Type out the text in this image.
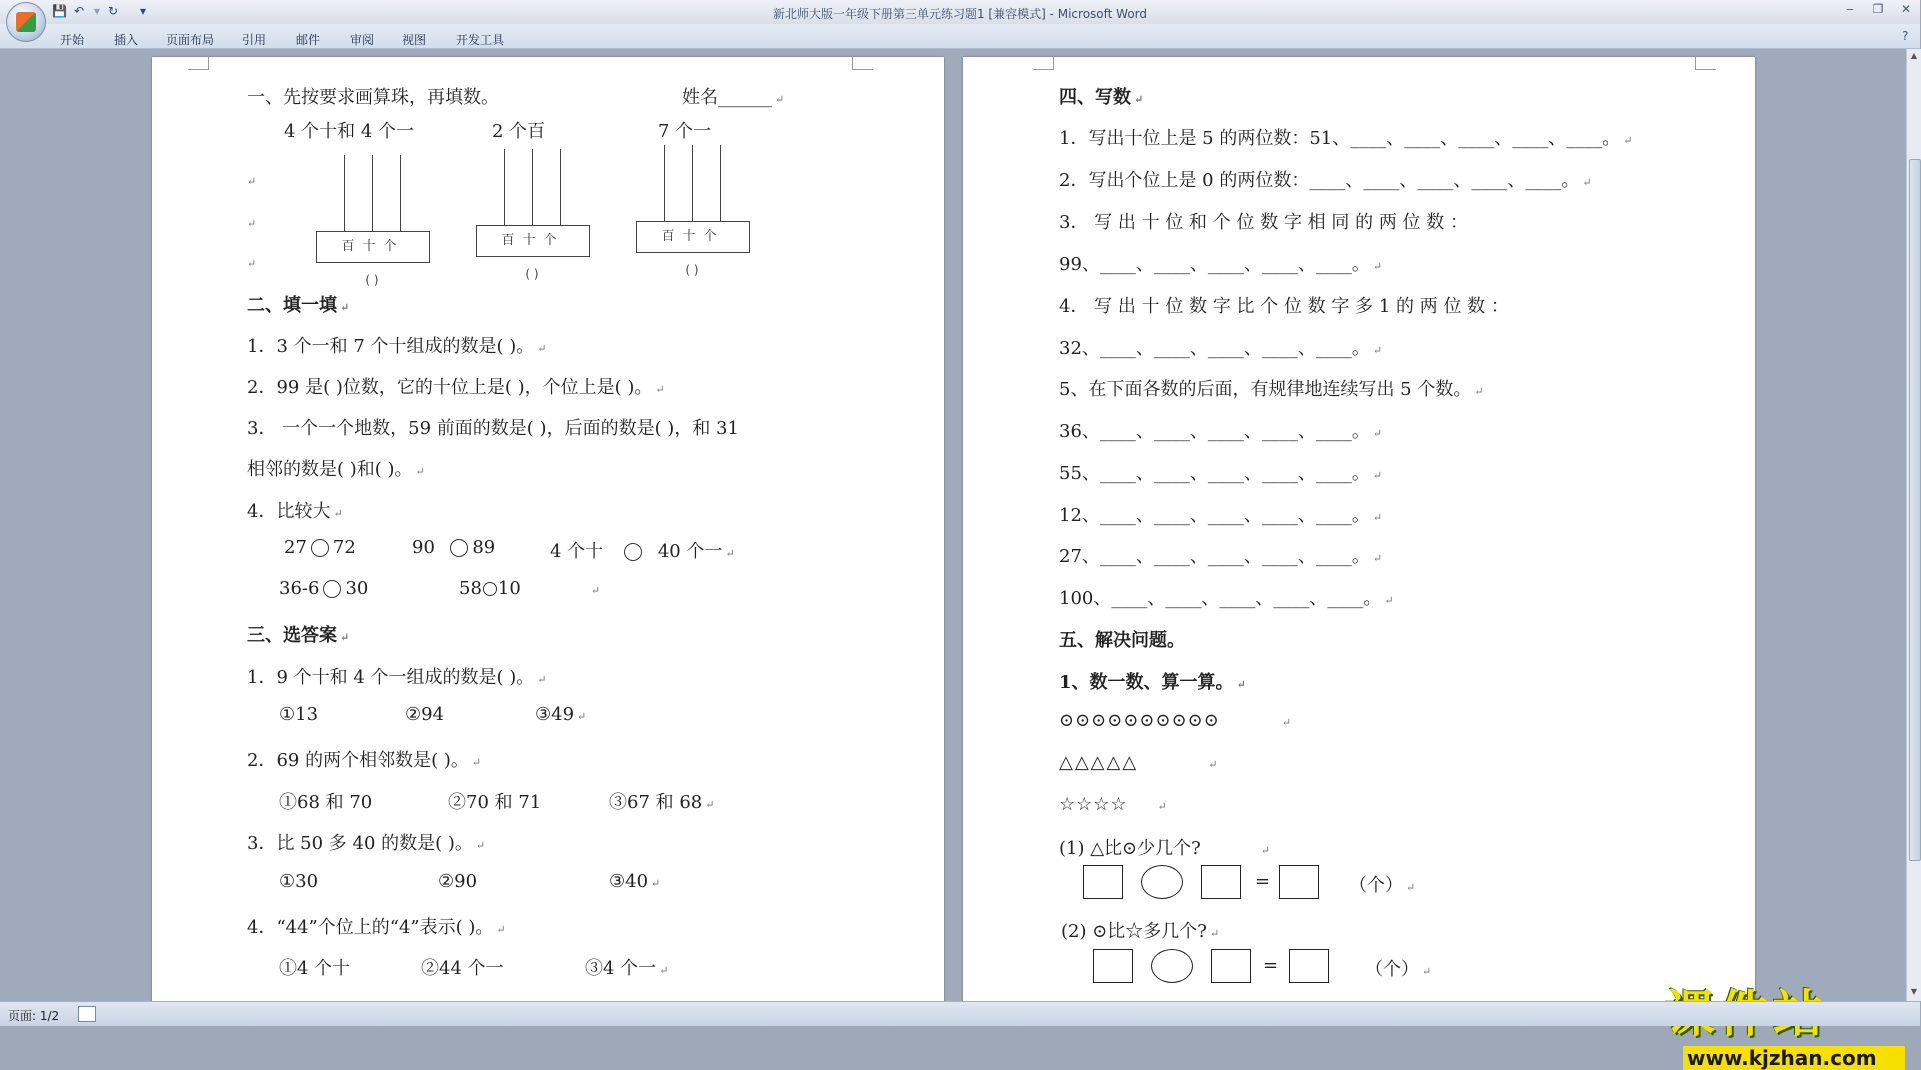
💾 ↶ ▾ ↻ ▾	新北师大版一年级下册第三单元练习题1 [兼容模式] - Microsoft Word	‒	❐	✕
开始 插入 页面布局 引用 邮件 审阅 视图 开发工具	?
一、先按要求画算珠，再填数。	姓名______ ↵
4 个十和 4 个一	2 个百	7 个一
↵
↵
↵
百十个
( )
百十个
( )
百十个
( )
二、填一填 ↵
1．3 个一和 7 个十组成的数是( )。 ↵
2．99 是( )位数，它的十位上是( )，个位上是( )。 ↵
3． 一个一个地数，59 前面的数是( )，后面的数是( )，和 31
相邻的数是( )和( )。 ↵
4．比较大 ↵
27 72	90 89	4 个十	40 个一 ↵
36-6 30	58 10	↵
三、选答案 ↵
1．9 个十和 4 个一组成的数是( )。 ↵
①13	②94	③49 ↵
2．69 的两个相邻数是( )。 ↵
①68 和 70	②70 和 71	③67 和 68 ↵
3．比 50 多 40 的数是( )。 ↵
①30	②90	③40 ↵
4．“44”个位上的“4”表示( )。 ↵
①4 个十	②44 个一	③4 个一 ↵
四、写数 ↵
1．写出十位上是 5 的两位数：51、____、____、____、____、____。 ↵
2．写出个位上是 0 的两位数：____、____、____、____、____。 ↵
3． 写 出 十 位 和 个 位 数 字 相 同 的 两 位 数 ：
99、____、____、____、____、____。 ↵
4． 写 出 十 位 数 字 比 个 位 数 字 多 1 的 两 位 数 ：
32、____、____、____、____、____。 ↵
5、在下面各数的后面，有规律地连续写出 5 个数。 ↵
36、____、____、____、____、____。 ↵
55、____、____、____、____、____。 ↵
12、____、____、____、____、____。 ↵
27、____、____、____、____、____。 ↵
100、____、____、____、____、____。 ↵
五、解决问题。
1、数一数、算一算。 ↵
⊙⊙⊙⊙⊙⊙⊙⊙⊙⊙	↵
△△△△△	↵
☆☆☆☆	↵
(1) △比⊙少几个?	↵
=	（个） ↵
(2) ⊙比☆多几个? ↵
=	（个） ↵
www.kjzhan.com
▲
▼
页面: 1/2
